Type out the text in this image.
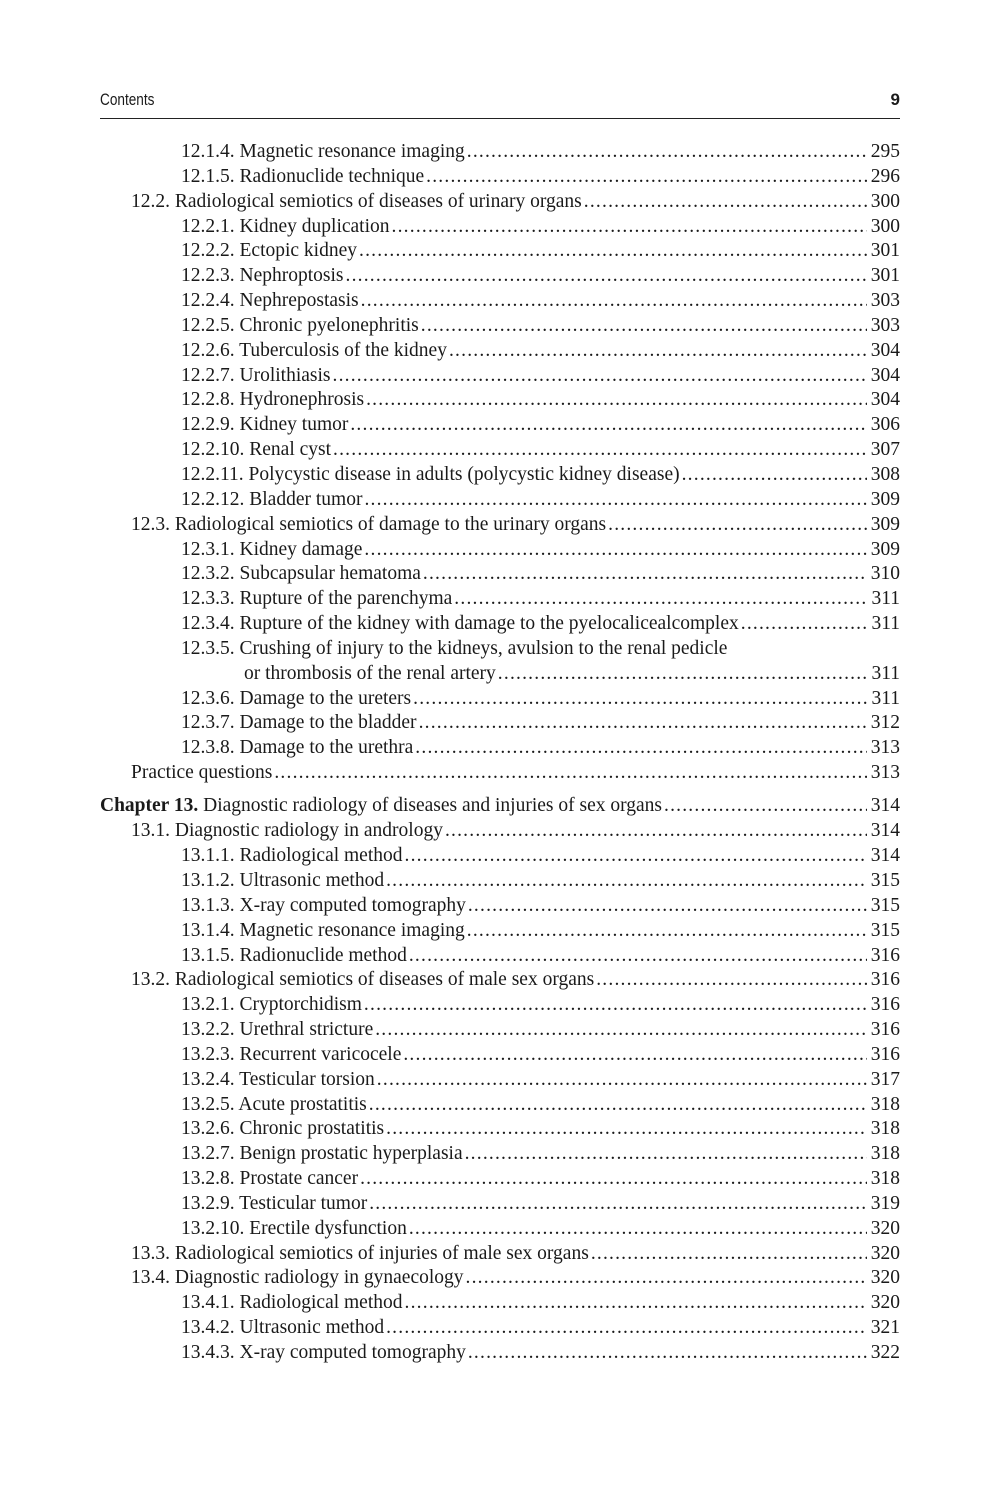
Contents	9
12.1.4. Magnetic resonance imaging .....	295
12.1.5. Radionuclide technique .....	296
12.2. Radiological semiotics of diseases of urinary organs .....	300
12.2.1. Kidney duplication .....	300
12.2.2. Ectopic kidney .....	301
12.2.3. Nephroptosis .....	301
12.2.4. Nephrepostasis .....	303
12.2.5. Chronic pyelonephritis .....	303
12.2.6. Tuberculosis of the kidney .....	304
12.2.7. Urolithiasis .....	304
12.2.8. Hydronephrosis .....	304
12.2.9. Kidney tumor .....	306
12.2.10. Renal cyst .....	307
12.2.11. Polycystic disease in adults (polycystic kidney disease) .....	308
12.2.12. Bladder tumor .....	309
12.3. Radiological semiotics of damage to the urinary organs .....	309
12.3.1. Kidney damage .....	309
12.3.2. Subcapsular hematoma .....	310
12.3.3. Rupture of the parenchyma .....	311
12.3.4. Rupture of the kidney with damage to the pyelocalicealcomplex .....	311
12.3.5. Crushing of injury to the kidneys, avulsion to the renal pedicle
or thrombosis of the renal artery .....	311
12.3.6. Damage to the ureters .....	311
12.3.7. Damage to the bladder .....	312
12.3.8. Damage to the urethra .....	313
Practice questions .....	313
Chapter 13. Diagnostic radiology of diseases and injuries of sex organs .....	314
13.1. Diagnostic radiology in andrology .....	314
13.1.1. Radiological method .....	314
13.1.2. Ultrasonic method .....	315
13.1.3. X-ray computed tomography .....	315
13.1.4. Magnetic resonance imaging .....	315
13.1.5. Radionuclide method .....	316
13.2. Radiological semiotics of diseases of male sex organs .....	316
13.2.1. Cryptorchidism .....	316
13.2.2. Urethral stricture .....	316
13.2.3. Recurrent varicocele .....	316
13.2.4. Testicular torsion .....	317
13.2.5. Acute prostatitis .....	318
13.2.6. Chronic prostatitis .....	318
13.2.7. Benign prostatic hyperplasia .....	318
13.2.8. Prostate cancer .....	318
13.2.9. Testicular tumor .....	319
13.2.10. Erectile dysfunction .....	320
13.3. Radiological semiotics of injuries of male sex organs .....	320
13.4. Diagnostic radiology in gynaecology .....	320
13.4.1. Radiological method .....	320
13.4.2. Ultrasonic method .....	321
13.4.3. X-ray computed tomography .....	322
